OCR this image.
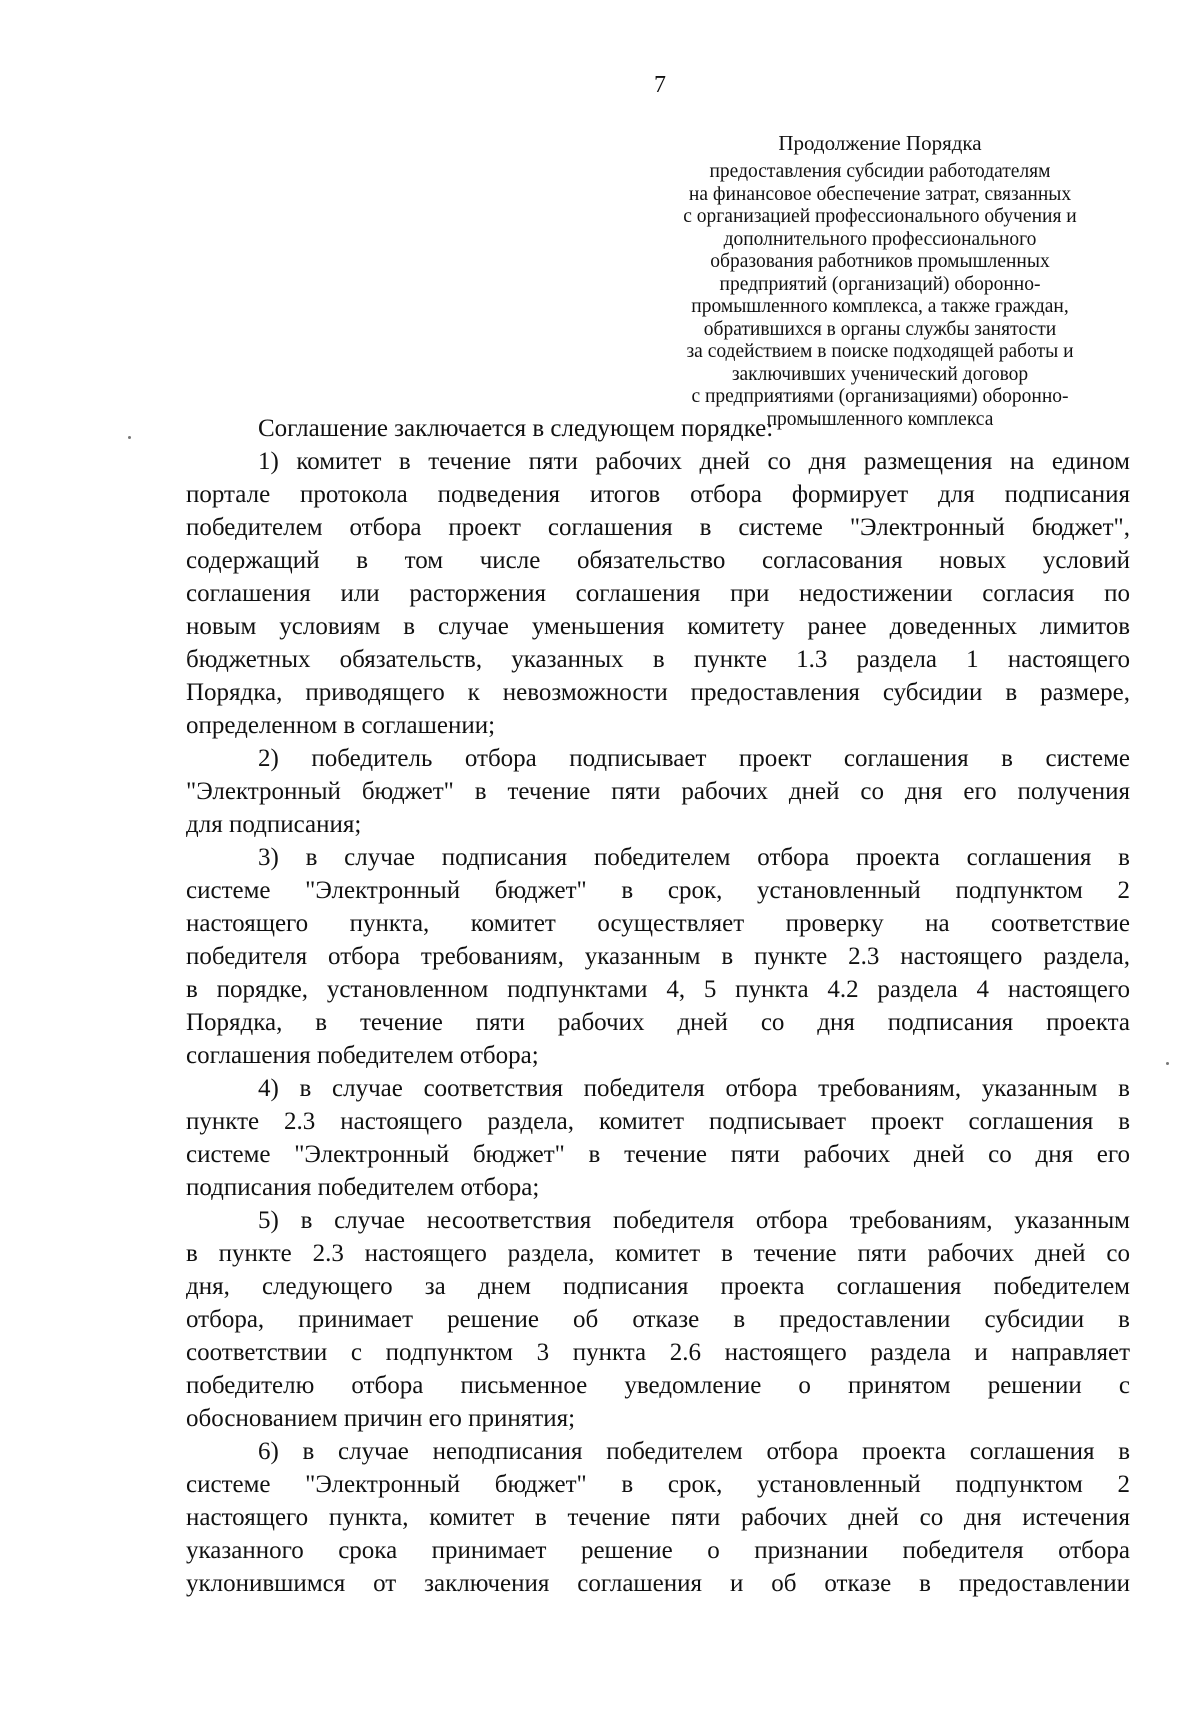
7
Продолжение Порядка
предоставления субсидии работодателям
на финансовое обеспечение затрат, связанных
с организацией профессионального обучения и
дополнительного профессионального
образования работников промышленных
предприятий (организаций) оборонно-
промышленного комплекса, а также граждан,
обратившихся в органы службы занятости
за содействием в поиске подходящей работы и
заключивших ученический договор
с предприятиями (организациями) оборонно-
промышленного комплекса

Соглашение заключается в следующем порядке:

1) комитет в течение пяти рабочих дней со дня размещения на едином
портале протокола подведения итогов отбора формирует для подписания
победителем отбора проект соглашения в системе "Электронный бюджет",
содержащий в том числе обязательство согласования новых условий
соглашения или расторжения соглашения при недостижении согласия по
новым условиям в случае уменьшения комитету ранее доведенных лимитов
бюджетных обязательств, указанных в пункте 1.3 раздела 1 настоящего
Порядка, приводящего к невозможности предоставления субсидии в размере,
определенном в соглашении;
2) победитель отбора подписывает проект соглашения в системе
"Электронный бюджет" в течение пяти рабочих дней со дня его получения
для подписания;
3) в случае подписания победителем отбора проекта соглашения в
системе "Электронный бюджет" в срок, установленный подпунктом 2
настоящего пункта, комитет осуществляет проверку на соответствие
победителя отбора требованиям, указанным в пункте 2.3 настоящего раздела,
в порядке, установленном подпунктами 4, 5 пункта 4.2 раздела 4 настоящего
Порядка, в течение пяти рабочих дней со дня подписания проекта
соглашения победителем отбора;
4) в случае соответствия победителя отбора требованиям, указанным в
пункте 2.3 настоящего раздела, комитет подписывает проект соглашения в
системе "Электронный бюджет" в течение пяти рабочих дней со дня его
подписания победителем отбора;
5) в случае несоответствия победителя отбора требованиям, указанным
в пункте 2.3 настоящего раздела, комитет в течение пяти рабочих дней со
дня, следующего за днем подписания проекта соглашения победителем
отбора, принимает решение об отказе в предоставлении субсидии в
соответствии с подпунктом 3 пункта 2.6 настоящего раздела и направляет
победителю отбора письменное уведомление о принятом решении с
обоснованием причин его принятия;
6) в случае неподписания победителем отбора проекта соглашения в
системе "Электронный бюджет" в срок, установленный подпунктом 2
настоящего пункта, комитет в течение пяти рабочих дней со дня истечения
указанного срока принимает решение о признании победителя отбора
уклонившимся от заключения соглашения и об отказе в предоставлении
